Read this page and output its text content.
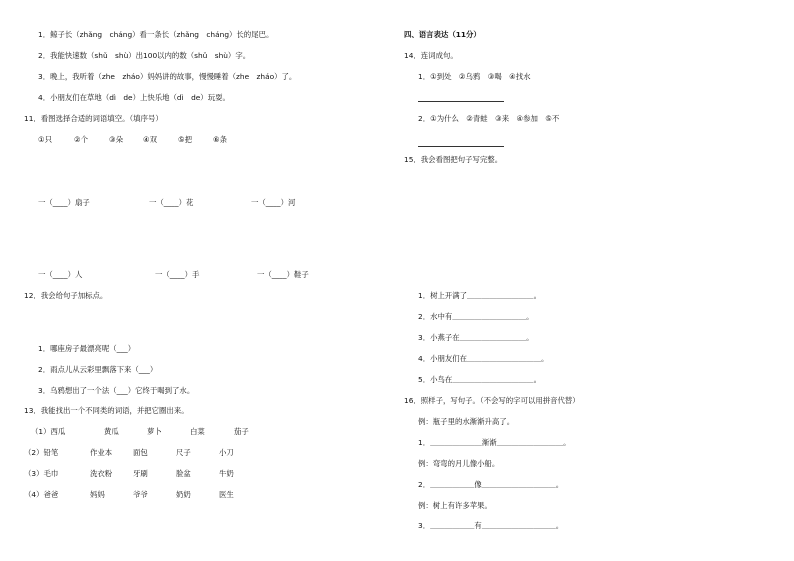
1．鲸子长（zhǎng　cháng）看一条长（zhǎng　cháng）长的尾巴。
2．我能快速数（shǔ　shù）出100以内的数（shǔ　shù）字。
3．晚上，我听着（zhe　zháo）妈妈讲的故事，慢慢睡着（zhe　zháo）了。
4．小朋友们在草地（dì　de）上快乐地（dì　de）玩耍。
11．看图选择合适的词语填空。（填序号）
①只	②个	③朵	④双	⑤把	⑥条
一（____）扇子	一（____）花	一（____）河
一（____）人	一（____）手	一（____）鞋子
12．我会给句子加标点。
1．哪座房子最漂亮呢（___）
2．雨点儿从云彩里飘落下来（___）
3．乌鸦想出了一个法（___）它终于喝到了水。
13．我能找出一个不同类的词语，并把它圈出来。
（1）西瓜	黄瓜	萝卜	白菜	茄子
（2）铅笔	作业本	面包	尺子	小刀
（3）毛巾	洗衣粉	牙刷	脸盆	牛奶
（4）爸爸	妈妈	爷爷	奶奶	医生
四、语言表达（11分）
14．连词成句。
1．①到处　②乌鸦　③喝　④找水
2．①为什么　②青蛙　③来　④参加　⑤不
15．我会看图把句子写完整。
1．树上开满了＿＿＿＿＿＿＿＿＿。
2．水中有＿＿＿＿＿＿＿＿＿＿。
3．小燕子在＿＿＿＿＿＿＿＿＿。
4．小朋友们在＿＿＿＿＿＿＿＿＿＿。
5．小鸟在＿＿＿＿＿＿＿＿＿＿＿。
16．照样子，写句子。（不会写的字可以用拼音代替）
例：瓶子里的水渐渐升高了。
1．＿＿＿＿＿＿＿渐渐＿＿＿＿＿＿＿＿＿。
例：弯弯的月儿像小船。
2．＿＿＿＿＿＿像＿＿＿＿＿＿＿＿＿＿。
例：树上有许多苹果。
3．＿＿＿＿＿＿有＿＿＿＿＿＿＿＿＿＿。
